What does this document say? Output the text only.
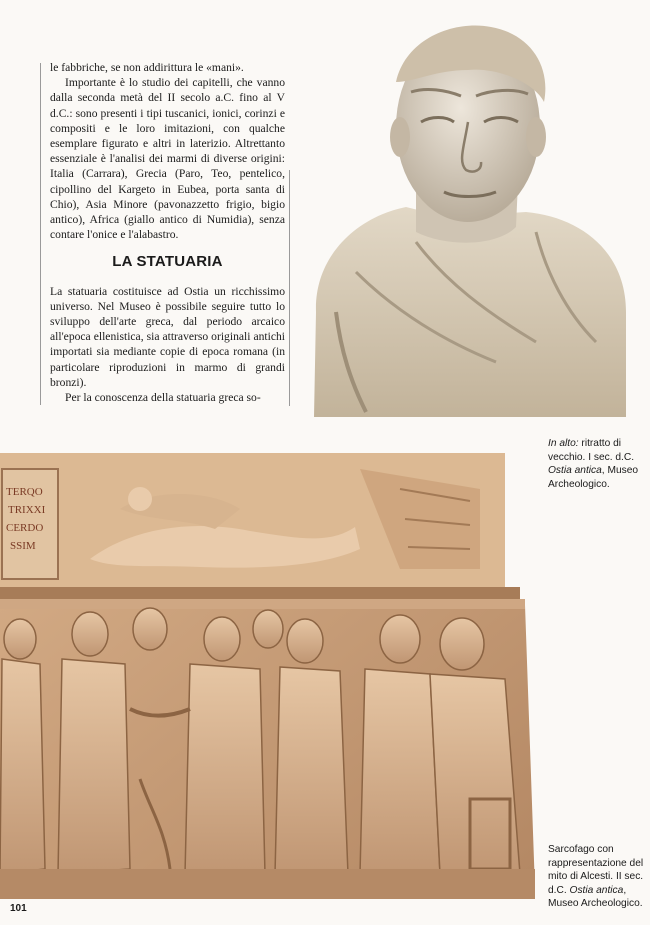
le fabbriche, se non addirittura le «mani».

Importante è lo studio dei capitelli, che vanno dalla seconda metà del II secolo a.C. fino al V d.C.: sono presenti i tipi tuscanici, ionici, corinzi e compositi e le loro imitazioni, con qualche esemplare figurato e altri in laterizio. Altrettanto essenziale è l'analisi dei marmi di diverse origini: Italia (Carrara), Grecia (Paro, Teo, pentelico, cipollino del Kargeto in Eubea, porta santa di Chio), Asia Minore (pavonazzetto frigio, bigio antico), Africa (giallo antico di Numidia), senza contare l'onice e l'alabastro.

LA STATUARIA

La statuaria costituisce ad Ostia un ricchissimo universo. Nel Museo è possibile seguire tutto lo sviluppo dell'arte greca, dal periodo arcaico all'epoca ellenistica, sia attraverso originali antichi importati sia mediante copie di epoca romana (in particolare riproduzioni in marmo di grandi bronzi).

Per la conoscenza della statuaria greca so-

TERQO
TRIXXI
CERDO
SSIM
In alto: ritratto di vecchio. I sec. d.C. Ostia antica, Museo Archeologico.
Sarcofago con rappresentazione del mito di Alcesti. II sec. d.C. Ostia antica, Museo Archeologico.
101
